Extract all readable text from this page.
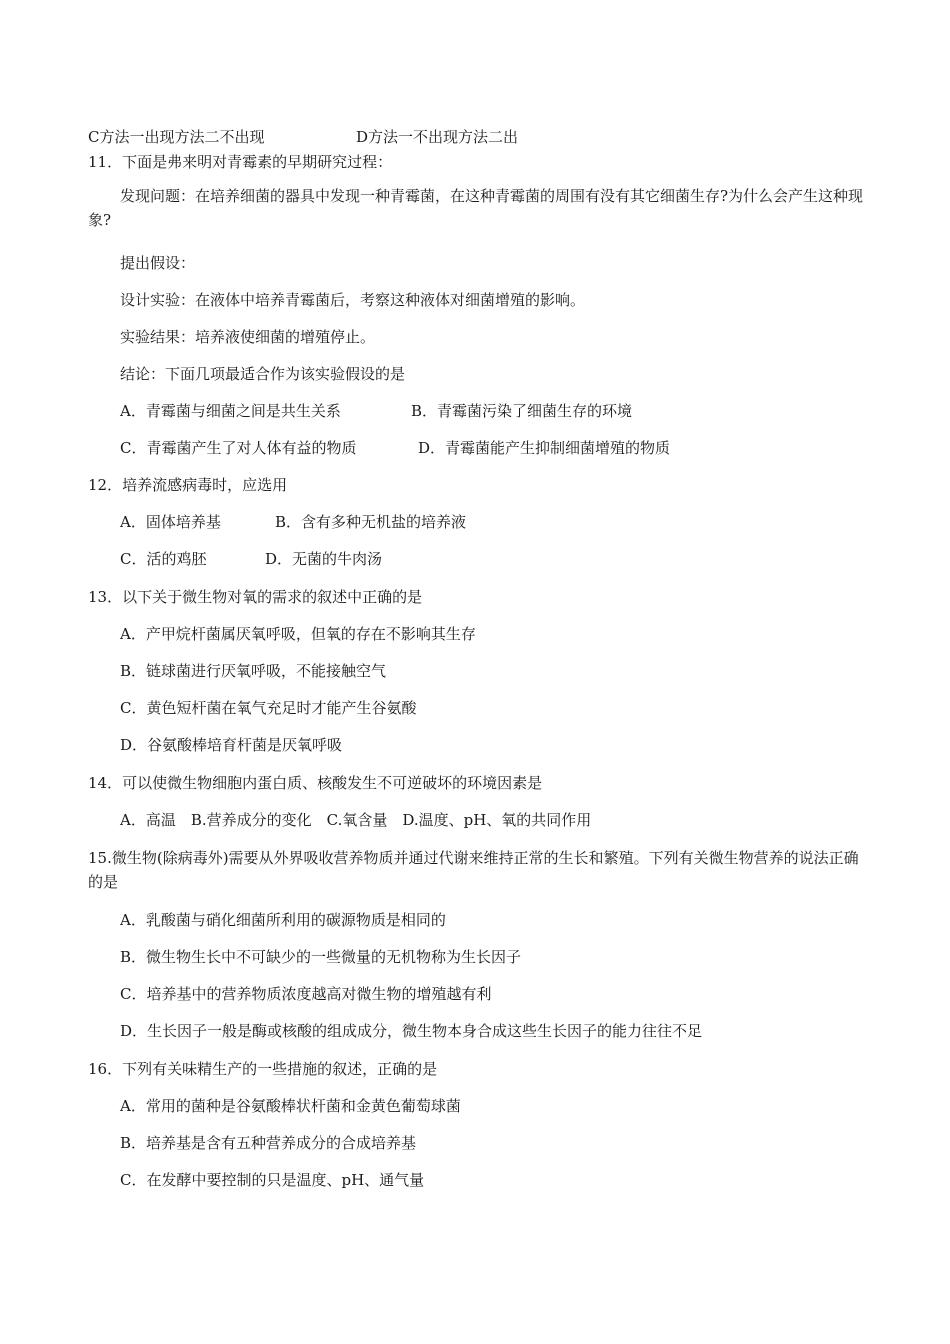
C方法一出现方法二不出现	D方法一不出现方法二出
11．下面是弗来明对青霉素的早期研究过程：
发现问题：在培养细菌的器具中发现一种青霉菌，在这种青霉菌的周围有没有其它细菌生存?为什么会产生这种现象?
提出假设：
设计实验：在液体中培养青霉菌后，考察这种液体对细菌增殖的影响。
实验结果：培养液使细菌的增殖停止。
结论：下面几项最适合作为该实验假设的是
A．青霉菌与细菌之间是共生关系	B．青霉菌污染了细菌生存的环境
C．青霉菌产生了对人体有益的物质	D．青霉菌能产生抑制细菌增殖的物质
12．培养流感病毒时，应选用
A．固体培养基	B．含有多种无机盐的培养液
C．活的鸡胚	D．无菌的牛肉汤
13．以下关于微生物对氧的需求的叙述中正确的是
A．产甲烷杆菌属厌氧呼吸，但氧的存在不影响其生存
B．链球菌进行厌氧呼吸，不能接触空气
C．黄色短杆菌在氧气充足时才能产生谷氨酸
D．谷氨酸棒培育杆菌是厌氧呼吸
14．可以使微生物细胞内蛋白质、核酸发生不可逆破坏的环境因素是
A．高温　B.营养成分的变化　C.氧含量　D.温度、pH、氧的共同作用
15.微生物(除病毒外)需要从外界吸收营养物质并通过代谢来维持正常的生长和繁殖。下列有关微生物营养的说法正确的是
A．乳酸菌与硝化细菌所利用的碳源物质是相同的
B．微生物生长中不可缺少的一些微量的无机物称为生长因子
C．培养基中的营养物质浓度越高对微生物的增殖越有利
D．生长因子一般是酶或核酸的组成成分，微生物本身合成这些生长因子的能力往往不足
16．下列有关味精生产的一些措施的叙述，正确的是
A．常用的菌种是谷氨酸棒状杆菌和金黄色葡萄球菌
B．培养基是含有五种营养成分的合成培养基
C．在发酵中要控制的只是温度、pH、通气量
